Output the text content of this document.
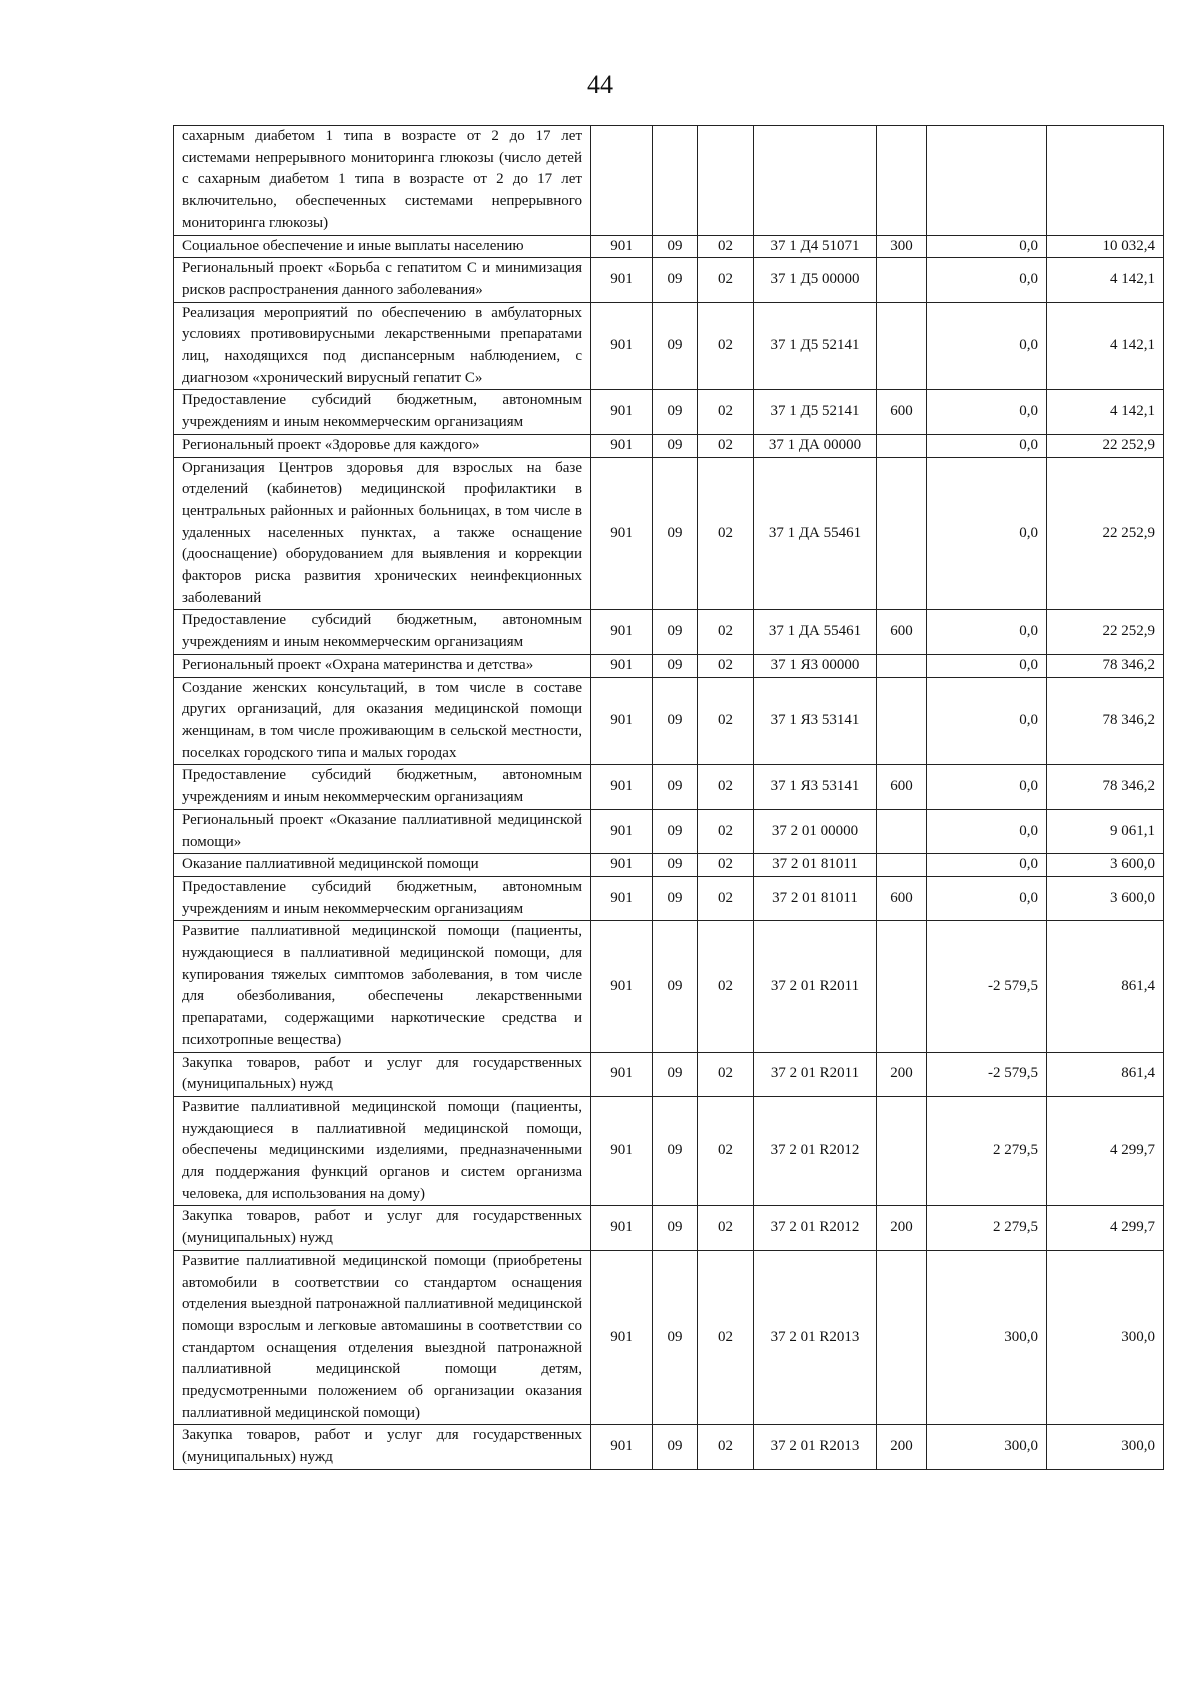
44
сахарным диабетом 1 типа в возрасте от 2 до 17 лет системами непрерывного мониторинга глюкозы (число детей с сахарным диабетом 1 типа в возрасте от 2 до 17 лет включительно, обеспеченных системами непрерывного мониторинга глюкозы)							
Социальное обеспечение и иные выплаты населению	901	09	02	37 1 Д4 51071	300	0,0	10 032,4
Региональный проект «Борьба с гепатитом С и минимизация рисков распространения данного заболевания»	901	09	02	37 1 Д5 00000		0,0	4 142,1
Реализация мероприятий по обеспечению в амбулаторных условиях противовирусными лекарственными препаратами лиц, находящихся под диспансерным наблюдением, с диагнозом «хронический вирусный гепатит С»	901	09	02	37 1 Д5 52141		0,0	4 142,1
Предоставление субсидий бюджетным, автономным учреждениям и иным некоммерческим организациям	901	09	02	37 1 Д5 52141	600	0,0	4 142,1
Региональный проект «Здоровье для каждого»	901	09	02	37 1 ДА 00000		0,0	22 252,9
Организация Центров здоровья для взрослых на базе отделений (кабинетов) медицинской профилактики в центральных районных и районных больницах, в том числе в удаленных населенных пунктах, а также оснащение (дооснащение) оборудованием для выявления и коррекции факторов риска развития хронических неинфекционных заболеваний	901	09	02	37 1 ДА 55461		0,0	22 252,9
Предоставление субсидий бюджетным, автономным учреждениям и иным некоммерческим организациям	901	09	02	37 1 ДА 55461	600	0,0	22 252,9
Региональный проект «Охрана материнства и детства»	901	09	02	37 1 Я3 00000		0,0	78 346,2
Создание женских консультаций, в том числе в составе других организаций, для оказания медицинской помощи женщинам, в том числе проживающим в сельской местности, поселках городского типа и малых городах	901	09	02	37 1 Я3 53141		0,0	78 346,2
Предоставление субсидий бюджетным, автономным учреждениям и иным некоммерческим организациям	901	09	02	37 1 Я3 53141	600	0,0	78 346,2
Региональный проект «Оказание паллиативной медицинской помощи»	901	09	02	37 2 01 00000		0,0	9 061,1
Оказание паллиативной медицинской помощи	901	09	02	37 2 01 81011		0,0	3 600,0
Предоставление субсидий бюджетным, автономным учреждениям и иным некоммерческим организациям	901	09	02	37 2 01 81011	600	0,0	3 600,0
Развитие паллиативной медицинской помощи (пациенты, нуждающиеся в паллиативной медицинской помощи, для купирования тяжелых симптомов заболевания, в том числе для обезболивания, обеспечены лекарственными препаратами, содержащими наркотические средства и психотропные вещества)	901	09	02	37 2 01 R2011		-2 579,5	861,4
Закупка товаров, работ и услуг для государственных (муниципальных) нужд	901	09	02	37 2 01 R2011	200	-2 579,5	861,4
Развитие паллиативной медицинской помощи (пациенты, нуждающиеся в паллиативной медицинской помощи, обеспечены медицинскими изделиями, предназначенными для поддержания функций органов и систем организма человека, для использования на дому)	901	09	02	37 2 01 R2012		2 279,5	4 299,7
Закупка товаров, работ и услуг для государственных (муниципальных) нужд	901	09	02	37 2 01 R2012	200	2 279,5	4 299,7
Развитие паллиативной медицинской помощи (приобретены автомобили в соответствии со стандартом оснащения отделения выездной патронажной паллиативной медицинской помощи взрослым и легковые автомашины в соответствии со стандартом оснащения отделения выездной патронажной паллиативной медицинской помощи детям, предусмотренными положением об организации оказания паллиативной медицинской помощи)	901	09	02	37 2 01 R2013		300,0	300,0
Закупка товаров, работ и услуг для государственных (муниципальных) нужд	901	09	02	37 2 01 R2013	200	300,0	300,0
